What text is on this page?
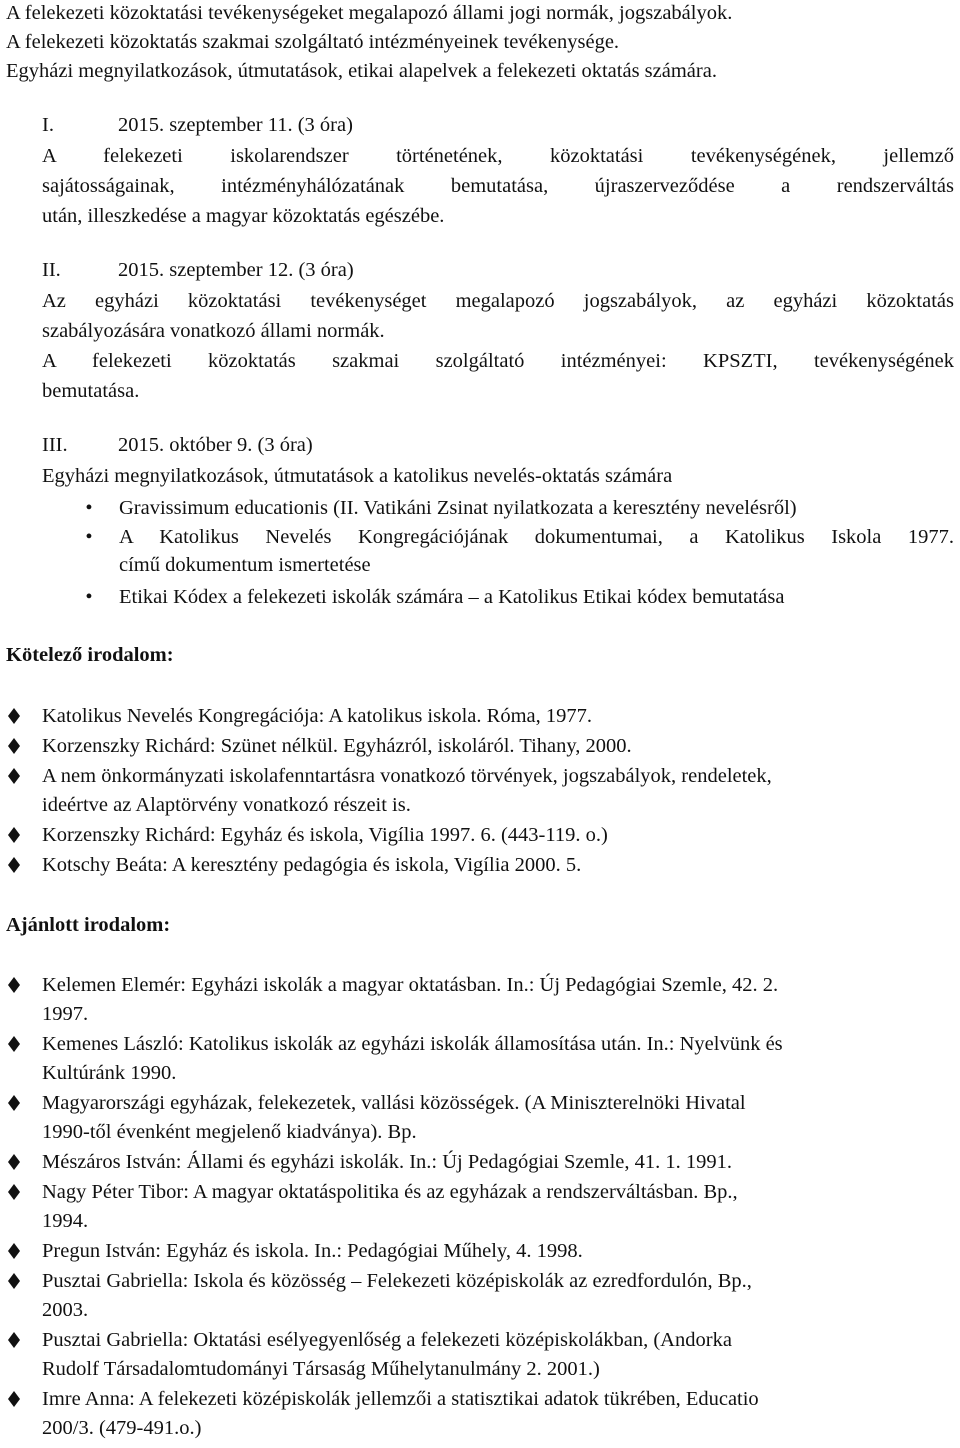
A felekezeti közoktatási tevékenységeket megalapozó állami jogi normák, jogszabályok.
A felekezeti közoktatás szakmai szolgáltató intézményeinek tevékenysége.
Egyházi megnyilatkozások, útmutatások, etikai alapelvek a felekezeti oktatás számára.
I.	2015. szeptember 11. (3 óra)
A felekezeti iskolarendszer történetének, közoktatási tevékenységének, jellemző
sajátosságainak, intézményhálózatának bemutatása, újraszerveződése a rendszerváltás
után, illeszkedése a magyar közoktatás egészébe.
II.	2015. szeptember 12. (3 óra)
Az egyházi közoktatási tevékenységet megalapozó jogszabályok, az egyházi közoktatás
szabályozására vonatkozó állami normák.
A felekezeti közoktatás szakmai szolgáltató intézményei: KPSZTI, tevékenységének
bemutatása.
III. 2015. október 9. (3 óra)
Egyházi megnyilatkozások, útmutatások a katolikus nevelés-oktatás számára
• Gravissimum educationis (II. Vatikáni Zsinat nyilatkozata a keresztény nevelésről)
• A Katolikus Nevelés Kongregációjának dokumentumai, a Katolikus Iskola 1977.
című dokumentum ismertetése
• Etikai Kódex a felekezeti iskolák számára – a Katolikus Etikai kódex bemutatása
Kötelező irodalom:
Katolikus Nevelés Kongregációja: A katolikus iskola. Róma, 1977.
Korzenszky Richárd: Szünet nélkül. Egyházról, iskoláról. Tihany, 2000.
A nem önkormányzati iskolafenntartásra vonatkozó törvények, jogszabályok, rendeletek,
ideértve az Alaptörvény vonatkozó részeit is.
Korzenszky Richárd: Egyház és iskola, Vigília 1997. 6. (443-119. o.)
Kotschy Beáta: A keresztény pedagógia és iskola, Vigília 2000. 5.
Ajánlott irodalom:
Kelemen Elemér: Egyházi iskolák a magyar oktatásban. In.: Új Pedagógiai Szemle, 42. 2.
1997.
Kemenes László: Katolikus iskolák az egyházi iskolák államosítása után. In.: Nyelvünk és
Kultúránk 1990.
Magyarországi egyházak, felekezetek, vallási közösségek. (A Miniszterelnöki Hivatal
1990-től évenként megjelenő kiadványa). Bp.
Mészáros István: Állami és egyházi iskolák. In.: Új Pedagógiai Szemle, 41. 1. 1991.
Nagy Péter Tibor: A magyar oktatáspolitika és az egyházak a rendszerváltásban. Bp.,
1994.
Pregun István: Egyház és iskola. In.: Pedagógiai Műhely, 4. 1998.
Pusztai Gabriella: Iskola és közösség – Felekezeti középiskolák az ezredfordulón, Bp.,
2003.
Pusztai Gabriella: Oktatási esélyegyenlőség a felekezeti középiskolákban, (Andorka
Rudolf Társadalomtudományi Társaság Műhelytanulmány 2. 2001.)
Imre Anna: A felekezeti középiskolák jellemzői a statisztikai adatok tükrében, Educatio
200/3. (479-491.o.)
